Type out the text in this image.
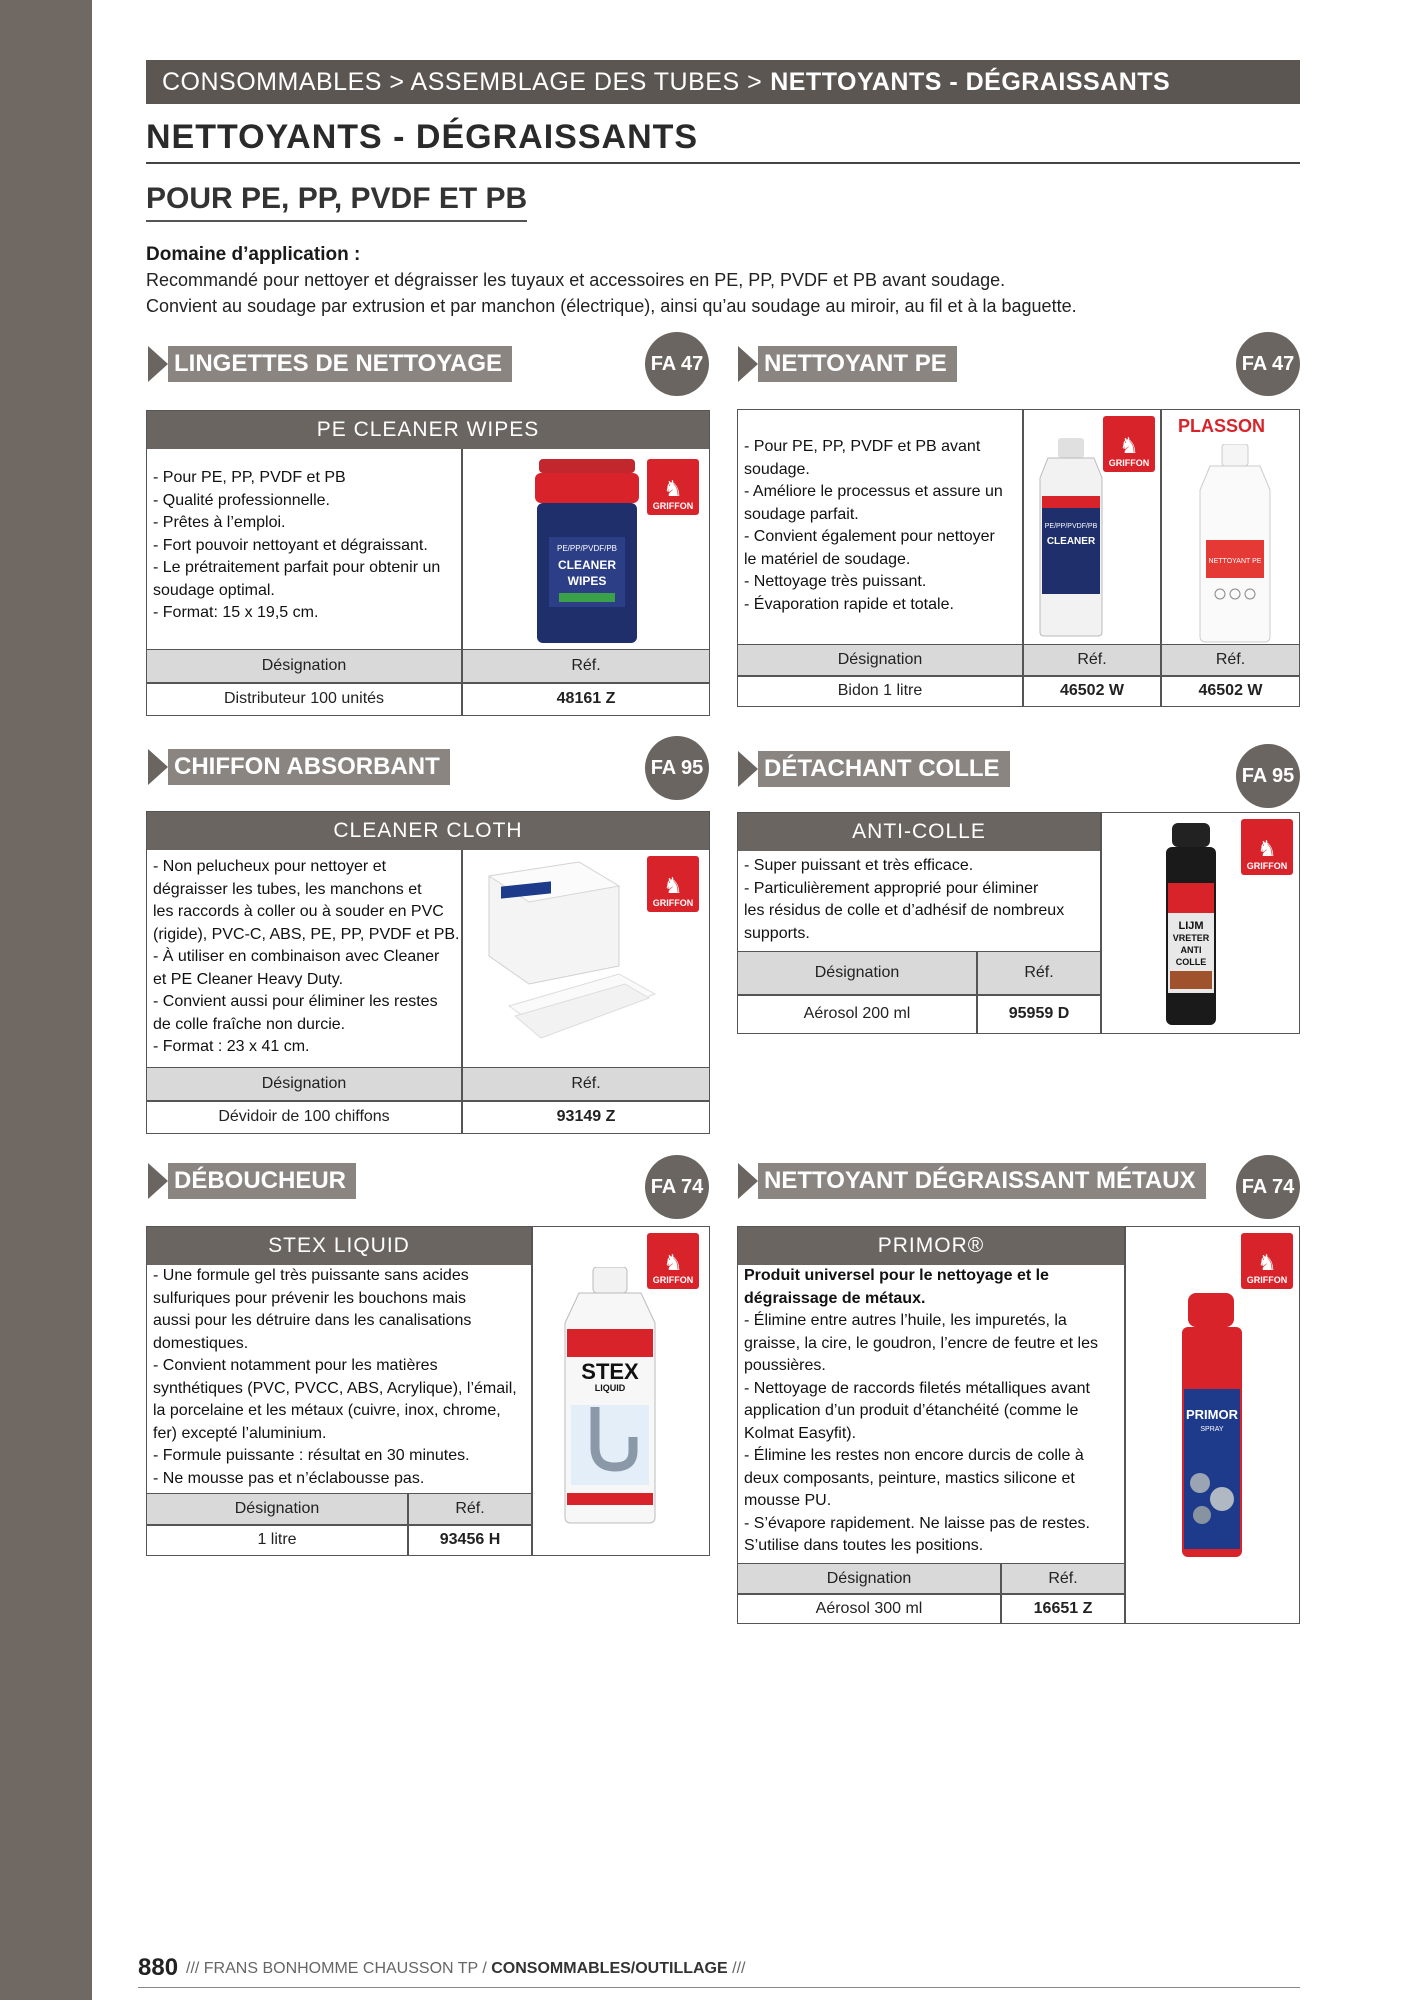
CONSOMMABLES > ASSEMBLAGE DES TUBES > NETTOYANTS - DÉGRAISSANTS
NETTOYANTS - DÉGRAISSANTS
POUR PE, PP, PVDF ET PB
Domaine d’application :
Recommandé pour nettoyer et dégraisser les tuyaux et accessoires en PE, PP, PVDF et PB avant soudage.
Convient au soudage par extrusion et par manchon (électrique), ainsi qu’au soudage au miroir, au fil et à la baguette.
LINGETTES DE NETTOYAGE	FA 47
PE CLEANER WIPES
- Pour PE, PP, PVDF et PB
- Qualité professionnelle.
- Prêtes à l’emploi.
- Fort pouvoir nettoyant et dégraissant.
- Le prétraitement parfait pour obtenir un
soudage optimal.
- Format: 15 x 19,5 cm.
PE/PP/PVDF/PB
CLEANER
WIPES
♞
GRIFFON
Désignation	Réf.
Distributeur 100 unités	48161 Z
NETTOYANT PE	FA 47
- Pour PE, PP, PVDF et PB avant
soudage.
- Améliore le processus et assure un
soudage parfait.
- Convient également pour nettoyer
le matériel de soudage.
- Nettoyage très puissant.
- Évaporation rapide et totale.
PE/PP/PVDF/PB
CLEANER
♞
GRIFFON
PLASSON
NETTOYANT PE
Désignation	Réf.	Réf.
Bidon 1 litre	46502 W	46502 W
CHIFFON ABSORBANT	FA 95
CLEANER CLOTH
- Non pelucheux pour nettoyer et
dégraisser les tubes, les manchons et
les raccords à coller ou à souder en PVC
(rigide), PVC-C, ABS, PE, PP, PVDF et PB.
- À utiliser en combinaison avec Cleaner
et PE Cleaner Heavy Duty.
- Convient aussi pour éliminer les restes
de colle fraîche non durcie.
- Format : 23 x 41 cm.
♞
GRIFFON
Désignation	Réf.
Dévidoir de 100 chiffons	93149 Z
DÉTACHANT COLLE	FA 95
ANTI-COLLE
- Super puissant et très efficace.
- Particulièrement approprié pour éliminer
les résidus de colle et d’adhésif de nombreux
supports.
Désignation	Réf.
Aérosol 200 ml	95959 D
LIJM
VRETER
ANTI
COLLE
♞
GRIFFON
DÉBOUCHEUR	FA 74
STEX LIQUID
- Une formule gel très puissante sans acides
sulfuriques pour prévenir les bouchons mais
aussi pour les détruire dans les canalisations
domestiques.
- Convient notamment pour les matières
synthétiques (PVC, PVCC, ABS, Acrylique), l’émail,
la porcelaine et les métaux (cuivre, inox, chrome,
fer) excepté l’aluminium.
- Formule puissante : résultat en 30 minutes.
- Ne mousse pas et n’éclabousse pas.
Désignation	Réf.
1 litre	93456 H
STEX
LIQUID
♞
GRIFFON
NETTOYANT DÉGRAISSANT MÉTAUX	FA 74
PRIMOR®
Produit universel pour le nettoyage et le
dégraissage de métaux.
- Élimine entre autres l’huile, les impuretés, la
graisse, la cire, le goudron, l’encre de feutre et les
poussières.
- Nettoyage de raccords filetés métalliques avant
application d’un produit d’étanchéité (comme le
Kolmat Easyfit).
- Élimine les restes non encore durcis de colle à
deux composants, peinture, mastics silicone et
mousse PU.
- S’évapore rapidement. Ne laisse pas de restes.
S’utilise dans toutes les positions.
Désignation	Réf.
Aérosol 300 ml	16651 Z
PRIMOR
SPRAY
♞
GRIFFON
880 /// FRANS BONHOMME CHAUSSON TP / CONSOMMABLES/OUTILLAGE ///
